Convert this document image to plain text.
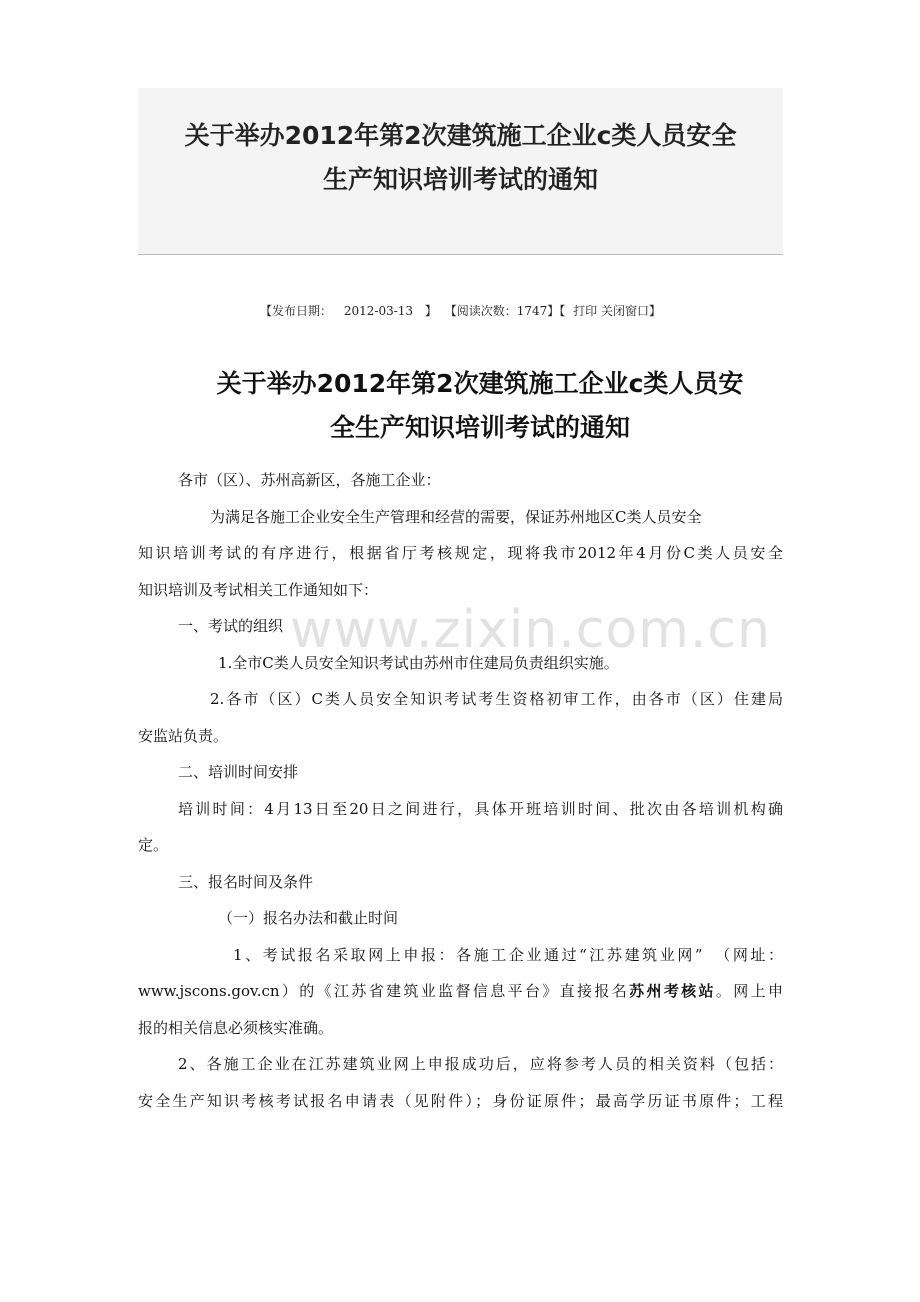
关于举办2012年第2次建筑施工企业c类人员安全
生产知识培训考试的通知
【发布日期： 2012-03-13 】 【阅读次数：1747】【 打印 关闭窗口】
关于举办2012年第2次建筑施工企业c类人员安
全生产知识培训考试的通知
www.zixin.com.cn

各市（区）、苏州高新区，各施工企业：

为满足各施工企业安全生产管理和经营的需要，保证苏州地区C类人员安全

知识培训考试的有序进行，根据省厅考核规定，现将我市2012年4月份C类人员安全

知识培训及考试相关工作通知如下：

一、考试的组织

1.全市C类人员安全知识考试由苏州市住建局负责组织实施。

2.各市（区）C类人员安全知识考试考生资格初审工作，由各市（区）住建局

安监站负责。

二、培训时间安排

培训时间：4月13日至20日之间进行，具体开班培训时间、批次由各培训机构确

定。

三、报名时间及条件

（一）报名办法和截止时间

1、考试报名采取网上申报：各施工企业通过“江苏建筑业网”　（网址：

www.jscons.gov.cn）的《江苏省建筑业监督信息平台》直接报名苏州考核站。网上申

报的相关信息必须核实准确。

2、各施工企业在江苏建筑业网上申报成功后，应将参考人员的相关资料（包括：

安全生产知识考核考试报名申请表（见附件）；身份证原件；最高学历证书原件；工程
